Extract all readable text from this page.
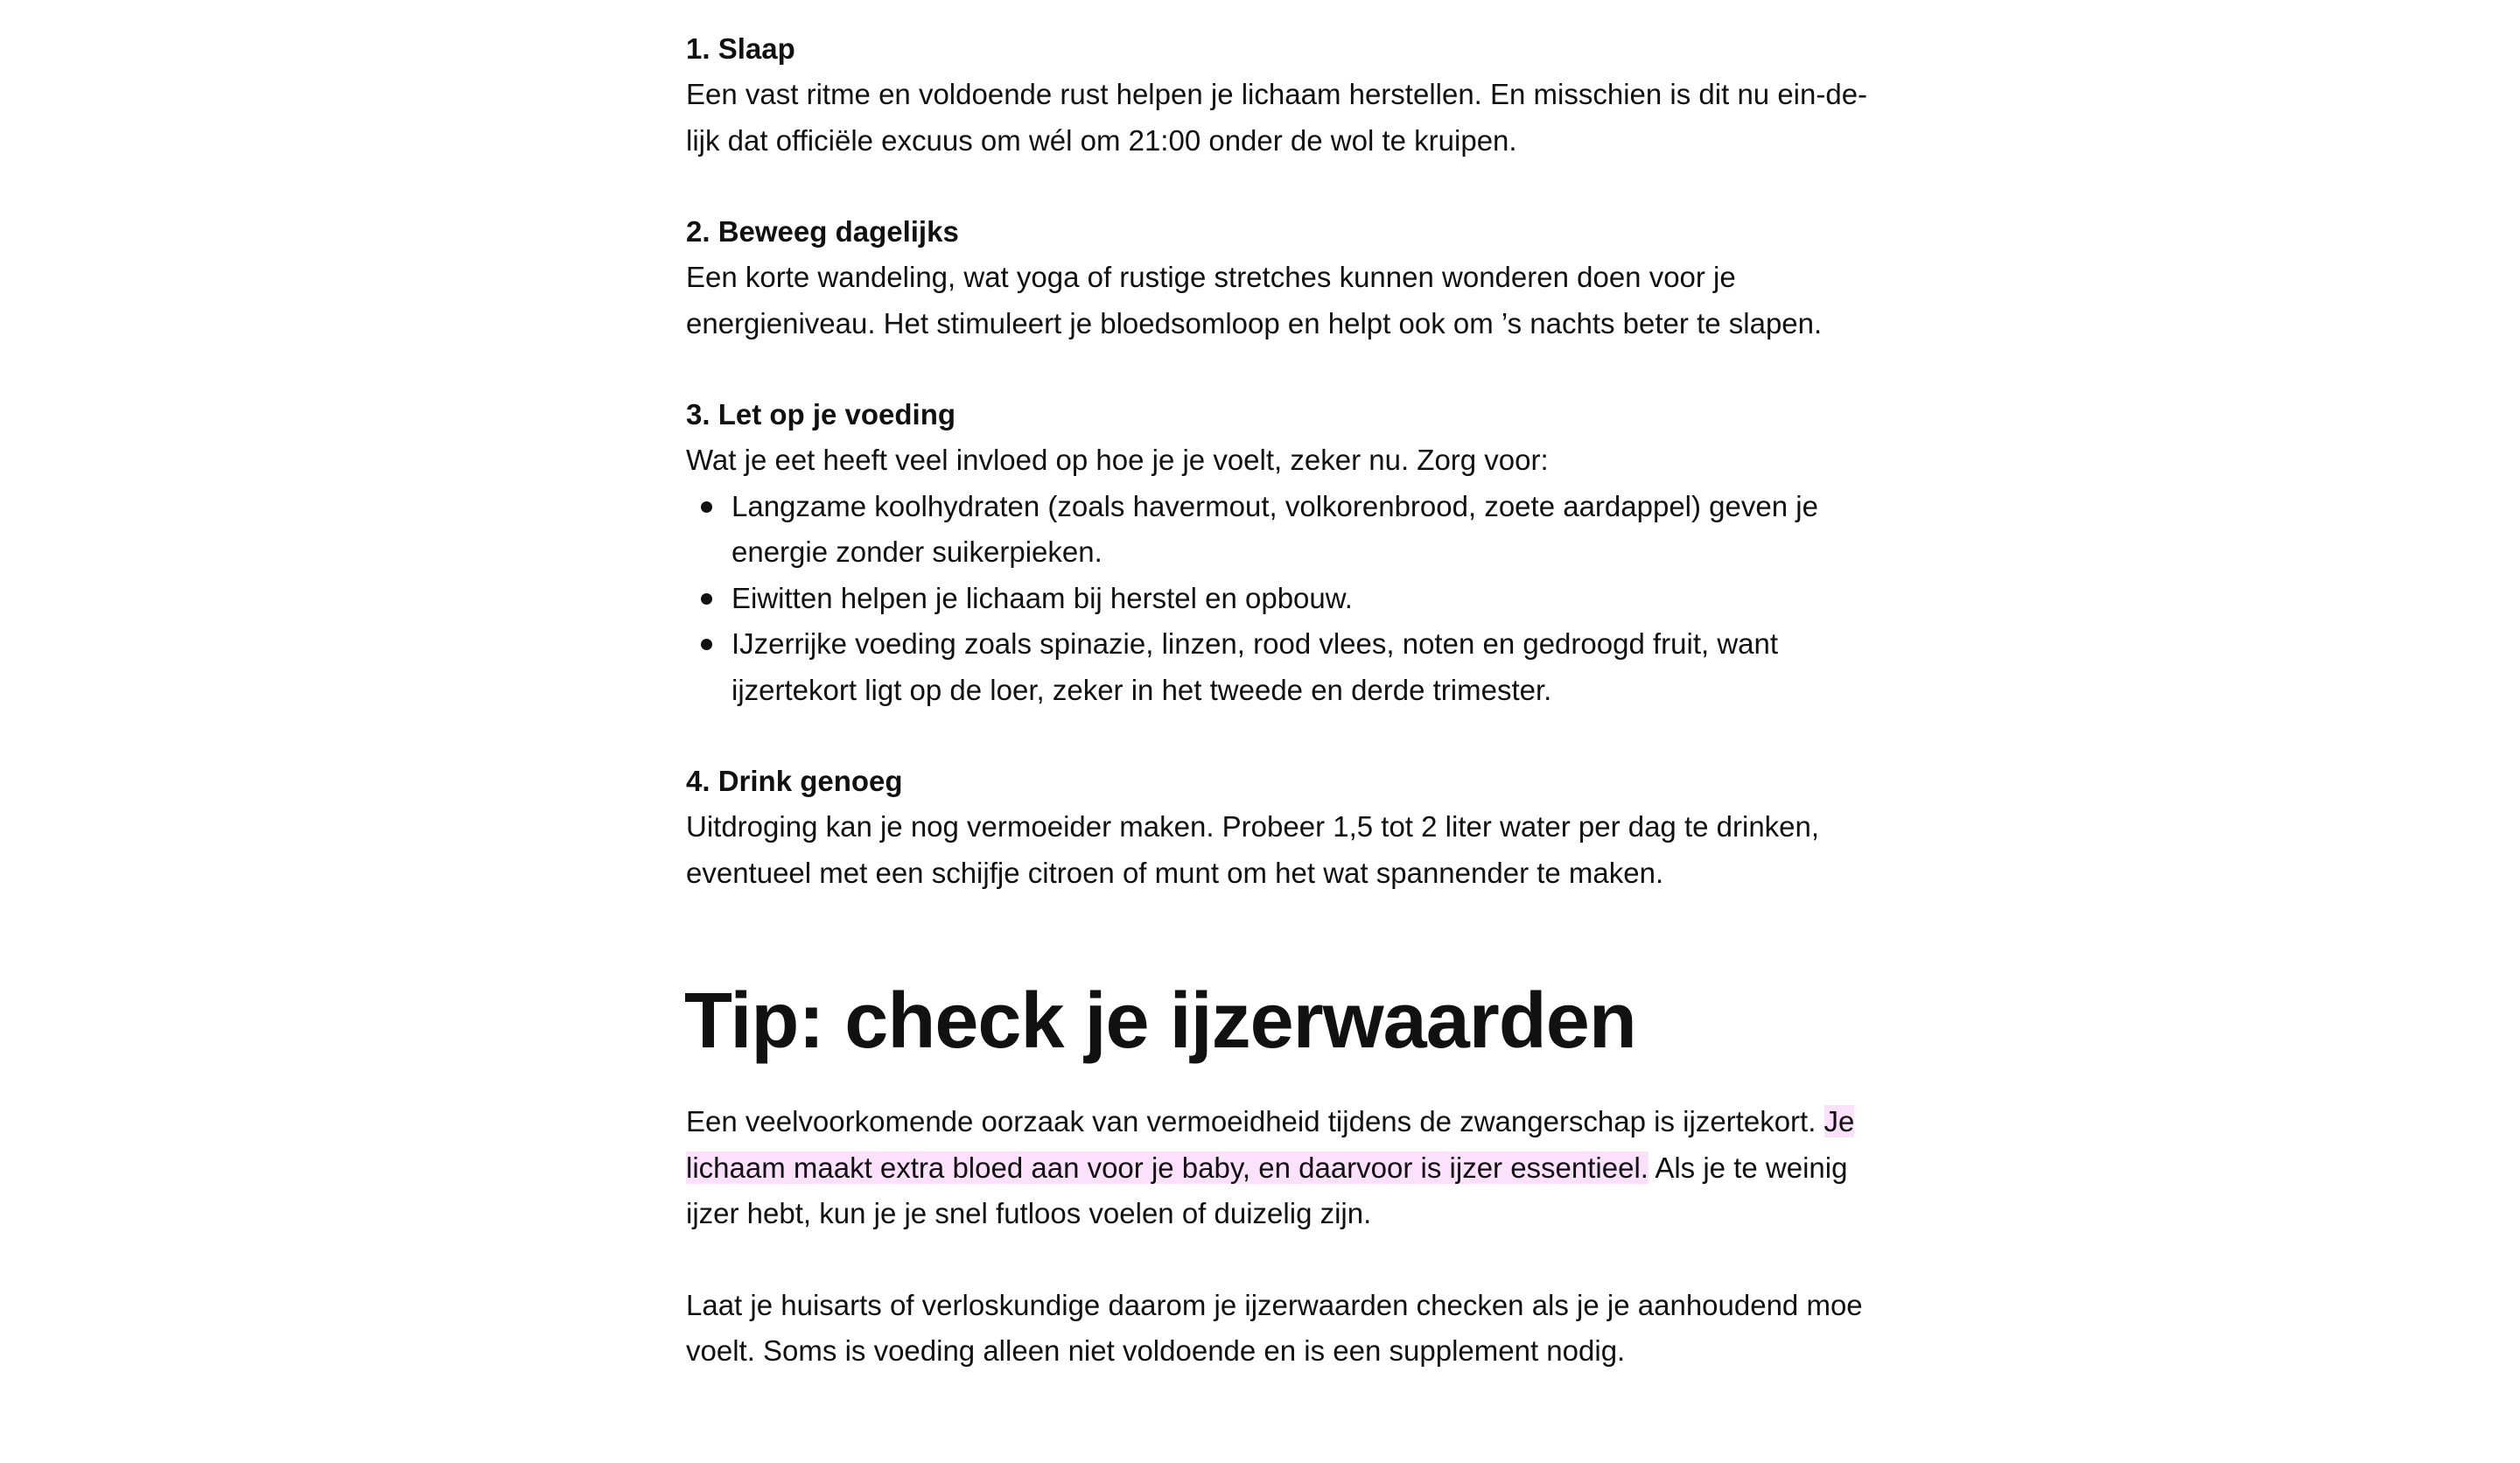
1. Slaap

Een vast ritme en voldoende rust helpen je lichaam herstellen. En misschien is dit nu ein-de-lijk dat officiële excuus om wél om 21:00 onder de wol te kruipen.

2. Beweeg dagelijks

Een korte wandeling, wat yoga of rustige stretches kunnen wonderen doen voor je energieniveau. Het stimuleert je bloedsomloop en helpt ook om ’s nachts beter te slapen.

3. Let op je voeding

Wat je eet heeft veel invloed op hoe je je voelt, zeker nu. Zorg voor:

Langzame koolhydraten (zoals havermout, volkorenbrood, zoete aardappel) geven je energie zonder suikerpieken.
Eiwitten helpen je lichaam bij herstel en opbouw.
IJzerrijke voeding zoals spinazie, linzen, rood vlees, noten en gedroogd fruit, want ijzertekort ligt op de loer, zeker in het tweede en derde trimester.

4. Drink genoeg

Uitdroging kan je nog vermoeider maken. Probeer 1,5 tot 2 liter water per dag te drinken, eventueel met een schijfje citroen of munt om het wat spannender te maken.

Tip: check je ijzerwaarden

Een veelvoorkomende oorzaak van vermoeidheid tijdens de zwangerschap is ijzertekort. Je lichaam maakt extra bloed aan voor je baby, en daarvoor is ijzer essentieel. Als je te weinig ijzer hebt, kun je je snel futloos voelen of duizelig zijn.

Laat je huisarts of verloskundige daarom je ijzerwaarden checken als je je aanhoudend moe voelt. Soms is voeding alleen niet voldoende en is een supplement nodig.
